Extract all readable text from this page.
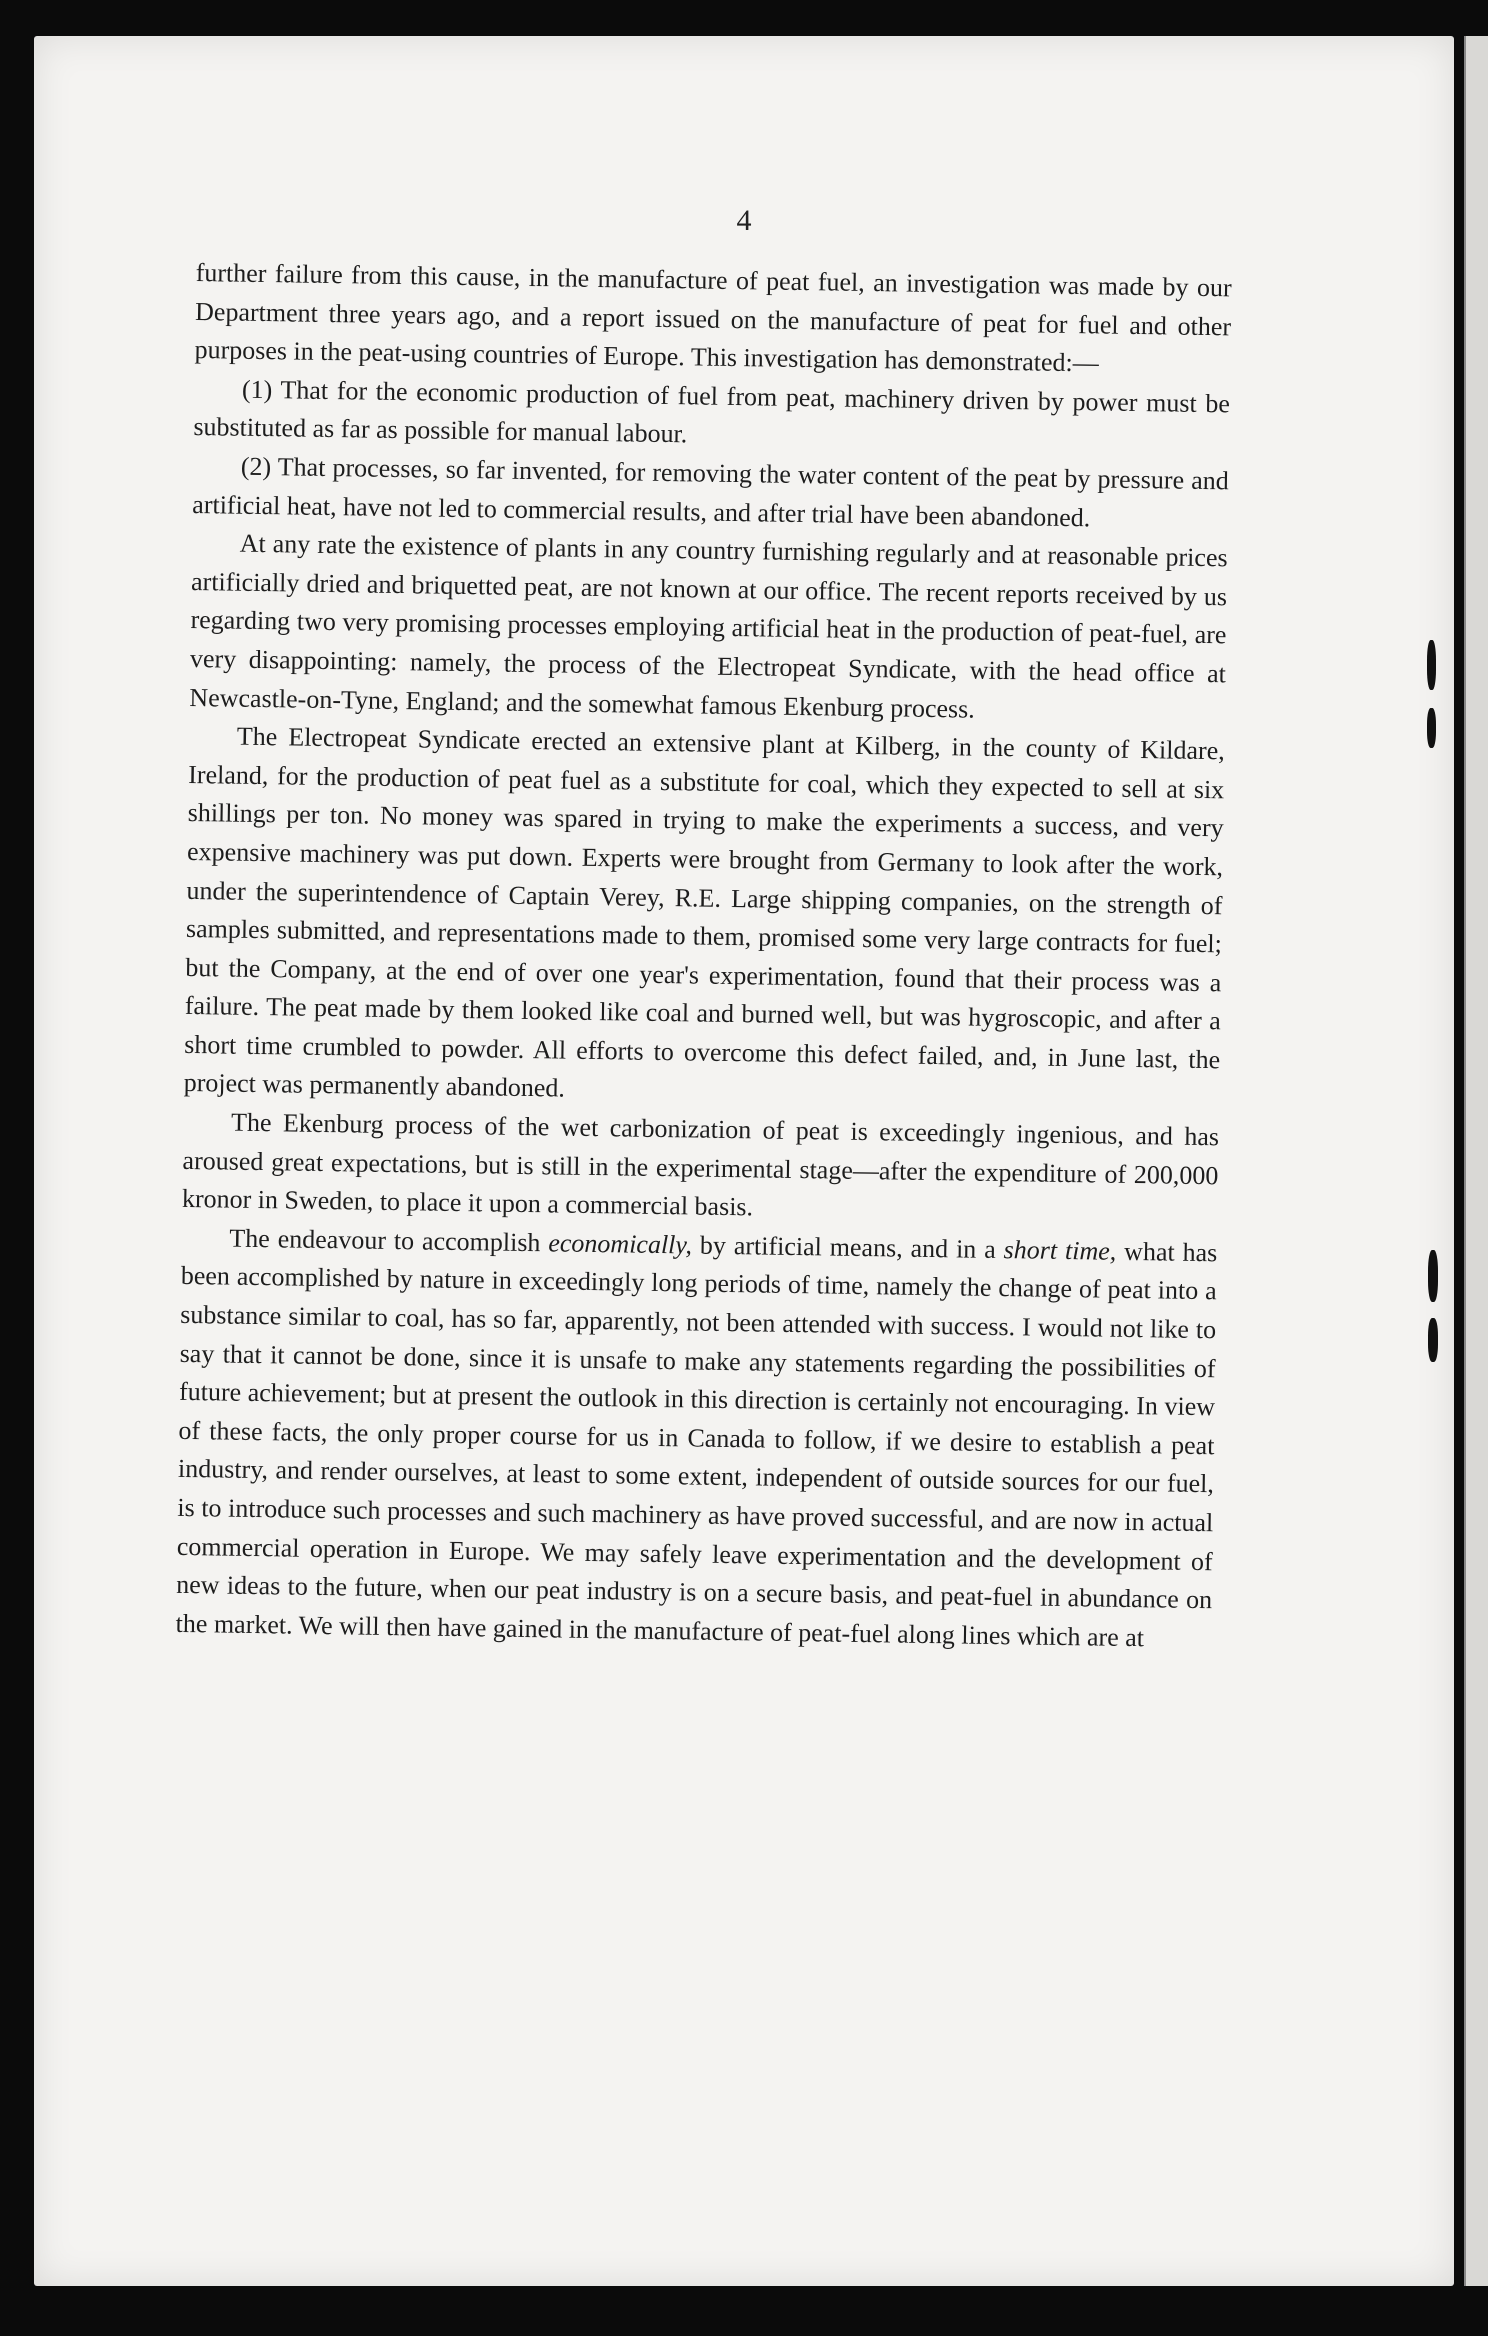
4

further failure from this cause, in the manufacture of peat fuel, an investigation was made by our Department three years ago, and a report issued on the manufacture of peat for fuel and other purposes in the peat-using countries of Europe. This investigation has demonstrated:—

(1) That for the economic production of fuel from peat, machinery driven by power must be substituted as far as possible for manual labour.

(2) That processes, so far invented, for removing the water content of the peat by pressure and artificial heat, have not led to commercial results, and after trial have been abandoned.

At any rate the existence of plants in any country furnishing regularly and at reasonable prices artificially dried and briquetted peat, are not known at our office. The recent reports received by us regarding two very promising processes employing artificial heat in the production of peat-fuel, are very disappointing: namely, the process of the Electropeat Syndicate, with the head office at Newcastle-on-Tyne, England; and the somewhat famous Ekenburg process.

The Electropeat Syndicate erected an extensive plant at Kilberg, in the county of Kildare, Ireland, for the production of peat fuel as a substitute for coal, which they expected to sell at six shillings per ton. No money was spared in trying to make the experiments a success, and very expensive machinery was put down. Experts were brought from Germany to look after the work, under the superintendence of Captain Verey, R.E. Large shipping companies, on the strength of samples submitted, and representations made to them, promised some very large contracts for fuel; but the Company, at the end of over one year's experimentation, found that their process was a failure. The peat made by them looked like coal and burned well, but was hygroscopic, and after a short time crumbled to powder. All efforts to overcome this defect failed, and, in June last, the project was permanently abandoned.

The Ekenburg process of the wet carbonization of peat is exceedingly ingenious, and has aroused great expectations, but is still in the experimental stage—after the expenditure of 200,000 kronor in Sweden, to place it upon a commercial basis.

The endeavour to accomplish economically, by artificial means, and in a short time, what has been accomplished by nature in exceedingly long periods of time, namely the change of peat into a substance similar to coal, has so far, apparently, not been attended with success. I would not like to say that it cannot be done, since it is unsafe to make any statements regarding the possibilities of future achievement; but at present the outlook in this direction is certainly not encouraging. In view of these facts, the only proper course for us in Canada to follow, if we desire to establish a peat industry, and render ourselves, at least to some extent, independent of outside sources for our fuel, is to introduce such processes and such machinery as have proved successful, and are now in actual commercial operation in Europe. We may safely leave experimentation and the development of new ideas to the future, when our peat industry is on a secure basis, and peat-fuel in abundance on the market. We will then have gained in the manufacture of peat-fuel along lines which are at
